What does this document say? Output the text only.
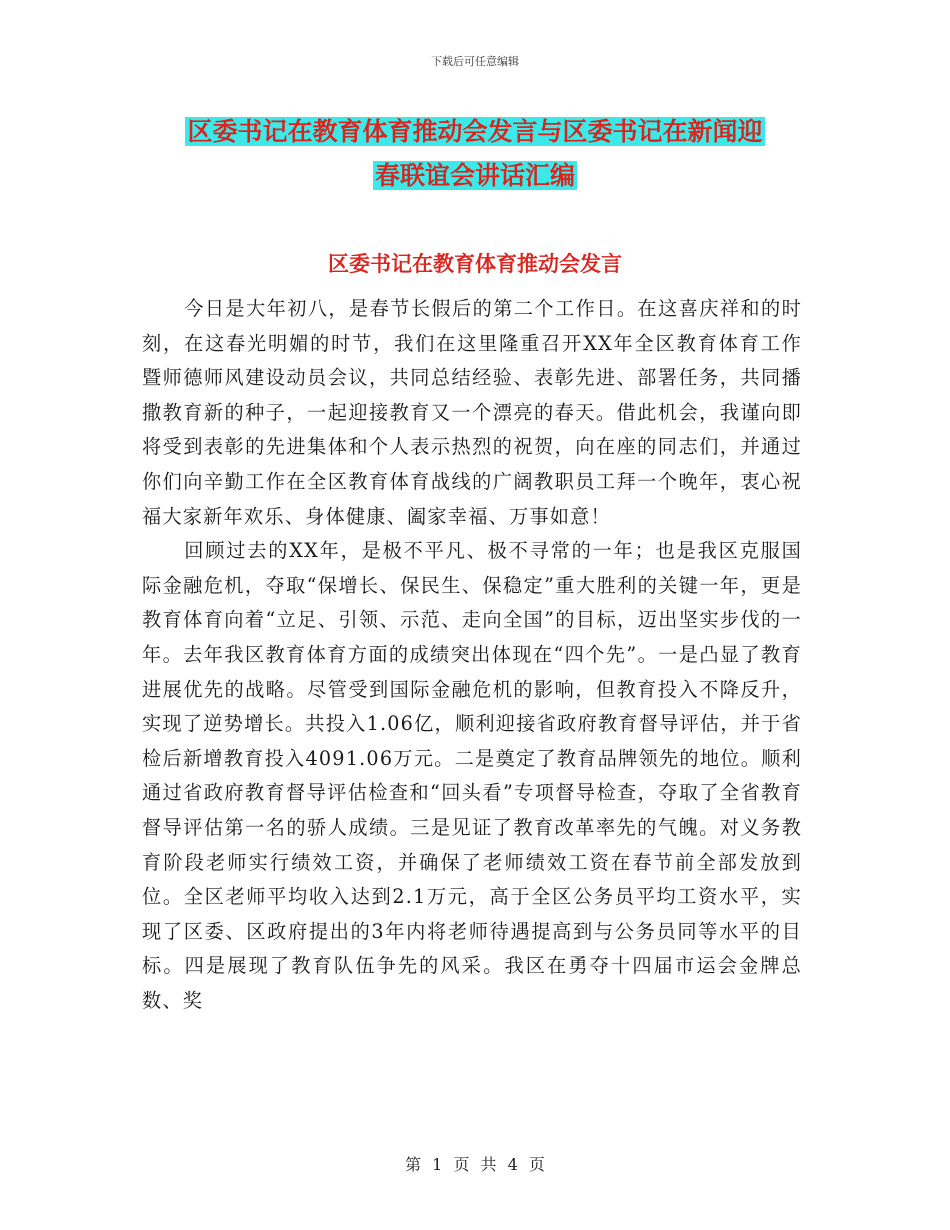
下载后可任意编辑
区委书记在教育体育推动会发言与区委书记在新闻迎
春联谊会讲话汇编
区委书记在教育体育推动会发言

今日是大年初八，是春节长假后的第二个工作日。在这喜庆祥和的时刻，在这春光明媚的时节，我们在这里隆重召开XX年全区教育体育工作暨师德师风建设动员会议，共同总结经验、表彰先进、部署任务，共同播撒教育新的种子，一起迎接教育又一个漂亮的春天。借此机会，我谨向即将受到表彰的先进集体和个人表示热烈的祝贺，向在座的同志们，并通过你们向辛勤工作在全区教育体育战线的广阔教职员工拜一个晚年，衷心祝福大家新年欢乐、身体健康、阖家幸福、万事如意！

回顾过去的XX年，是极不平凡、极不寻常的一年；也是我区克服国际金融危机，夺取“保增长、保民生、保稳定”重大胜利的关键一年，更是教育体育向着“立足、引领、示范、走向全国”的目标，迈出坚实步伐的一年。去年我区教育体育方面的成绩突出体现在“四个先”。一是凸显了教育进展优先的战略。尽管受到国际金融危机的影响，但教育投入不降反升，实现了逆势增长。共投入1.06亿，顺利迎接省政府教育督导评估，并于省检后新增教育投入4091.06万元。二是奠定了教育品牌领先的地位。顺利通过省政府教育督导评估检查和“回头看”专项督导检查，夺取了全省教育督导评估第一名的骄人成绩。三是见证了教育改革率先的气魄。对义务教育阶段老师实行绩效工资，并确保了老师绩效工资在春节前全部发放到位。全区老师平均收入达到2.1万元，高于全区公务员平均工资水平，实现了区委、区政府提出的3年内将老师待遇提高到与公务员同等水平的目标。四是展现了教育队伍争先的风采。我区在勇夺十四届市运会金牌总数、奖

第 1 页 共 4 页
